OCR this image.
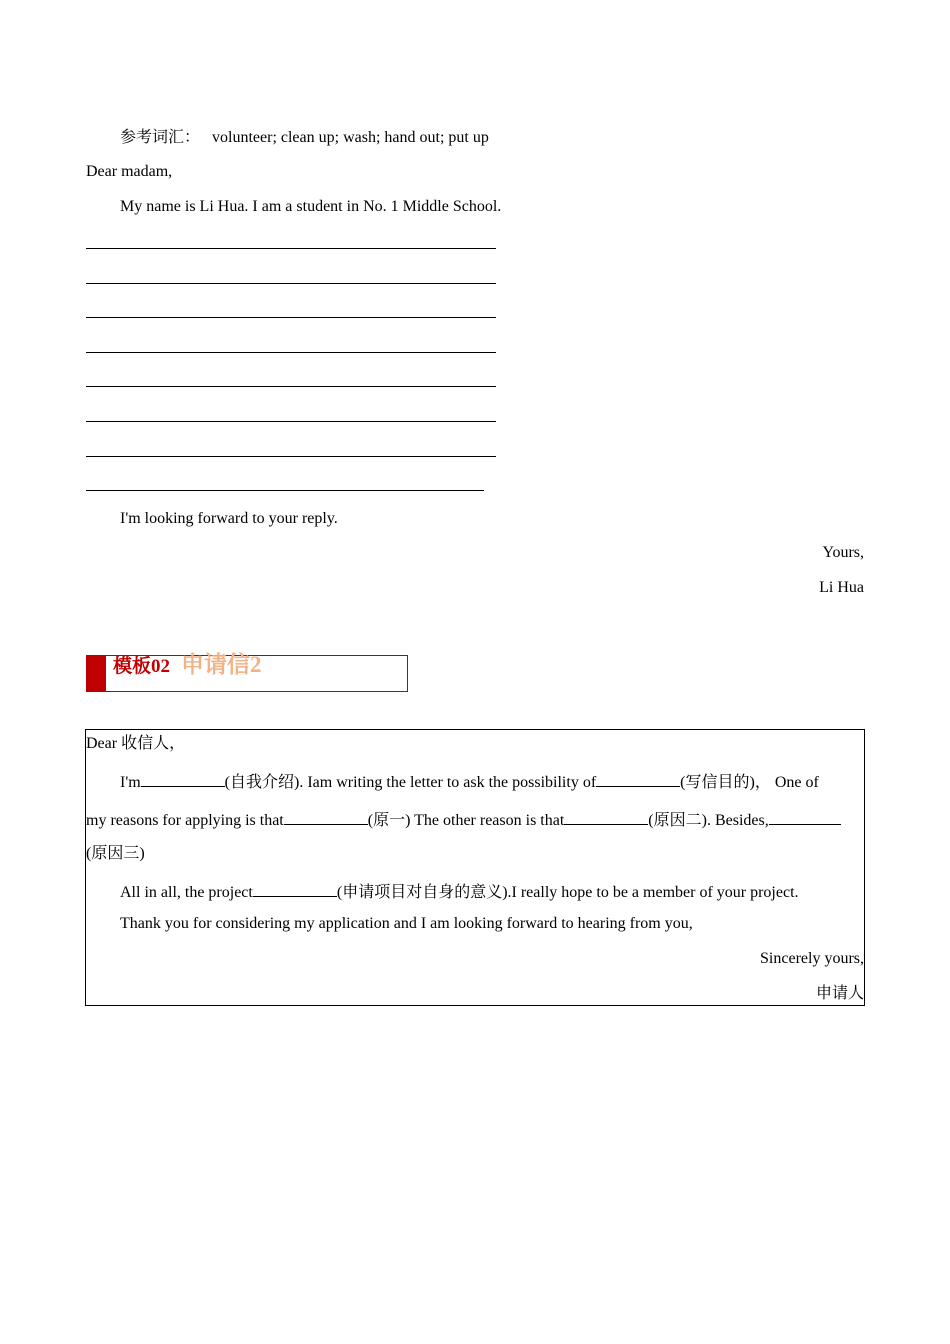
参考词汇： volunteer; clean up; wash; hand out; put up
Dear madam,
My name is Li Hua. I am a student in No. 1 Middle School.
I'm looking forward to your reply.
Yours,
Li Hua
模板02 申请信2
Dear 收信人，
I'm	(自我介绍). Iam writing the letter to ask the possibility of	(写信目的)， One of
my reasons for applying is that	(原一) The other reason is that	(原因二). Besides,
(原因三)
All in all, the project	(申请项目对自身的意义).I really hope to be a member of your project.
Thank you for considering my application and I am looking forward to hearing from you,
Sincerely yours,
申请人
